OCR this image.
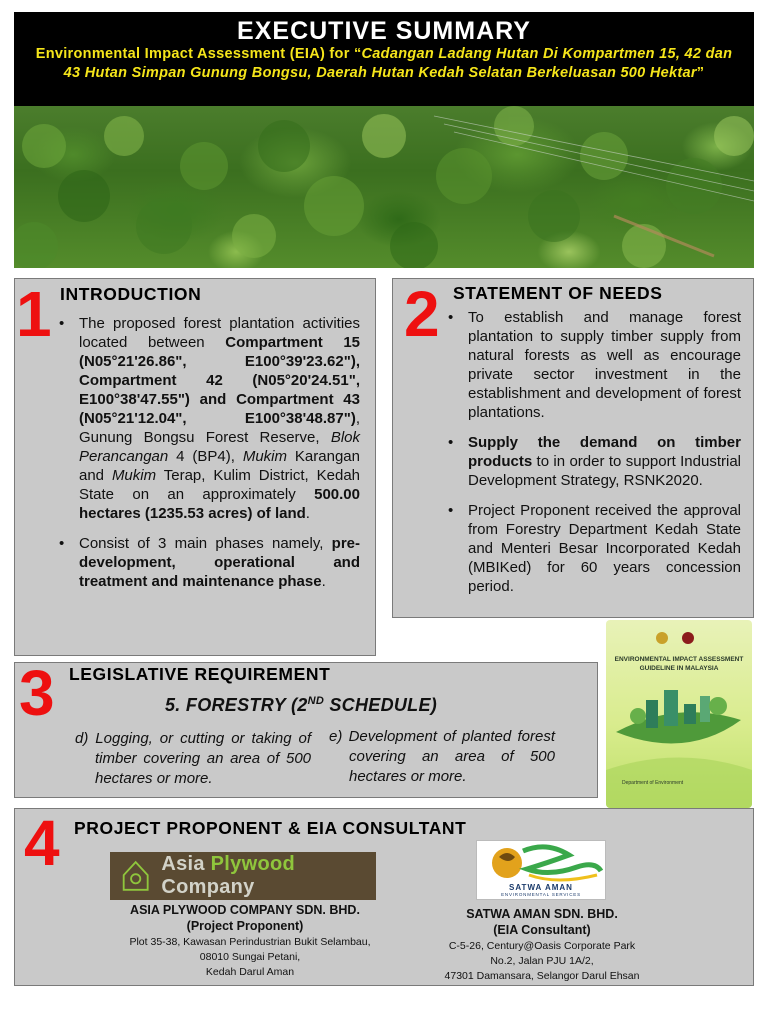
EXECUTIVE SUMMARY
Environmental Impact Assessment (EIA) for “Cadangan Ladang Hutan Di Kompartmen 15, 42 dan 43 Hutan Simpan Gunung Bongsu, Daerah Hutan Kedah Selatan Berkeluasan 500 Hektar”
1 INTRODUCTION
• The proposed forest plantation activities located between Compartment 15 (N05°21'26.86", E100°39'23.62"), Compartment 42 (N05°20'24.51", E100°38'47.55") and Compartment 43 (N05°21'12.04", E100°38'48.87"), Gunung Bongsu Forest Reserve, Blok Perancangan 4 (BP4), Mukim Karangan and Mukim Terap, Kulim District, Kedah State on an approximately 500.00 hectares (1235.53 acres) of land.
• Consist of 3 main phases namely, pre-development, operational and treatment and maintenance phase.
2 STATEMENT OF NEEDS
• To establish and manage forest plantation to supply timber supply from natural forests as well as encourage private sector investment in the establishment and development of forest plantations.
• Supply the demand on timber products to in order to support Industrial Development Strategy, RSNK2020.
• Project Proponent received the approval from Forestry Department Kedah State and Menteri Besar Incorporated Kedah (MBIKed) for 60 years concession period.
3 LEGISLATIVE REQUIREMENT
5. FORESTRY (2ND SCHEDULE)
d) Logging, or cutting or taking of timber covering an area of 500 hectares or more.
e) Development of planted forest covering an area of 500 hectares or more.
ENVIRONMENTAL IMPACT ASSESSMENT GUIDELINE IN MALAYSIA
Department of Environment
4 PROJECT PROPONENT & EIA CONSULTANT
Asia Plywood Company	SATWA AMAN
ENVIRONMENTAL SERVICES
ASIA PLYWOOD COMPANY SDN. BHD.
(Project Proponent)
Plot 35-38, Kawasan Perindustrian Bukit Selambau,
08010 Sungai Petani,
Kedah Darul Aman
SATWA AMAN SDN. BHD.
(EIA Consultant)
C-5-26, Century@Oasis Corporate Park
No.2, Jalan PJU 1A/2,
47301 Damansara, Selangor Darul Ehsan
